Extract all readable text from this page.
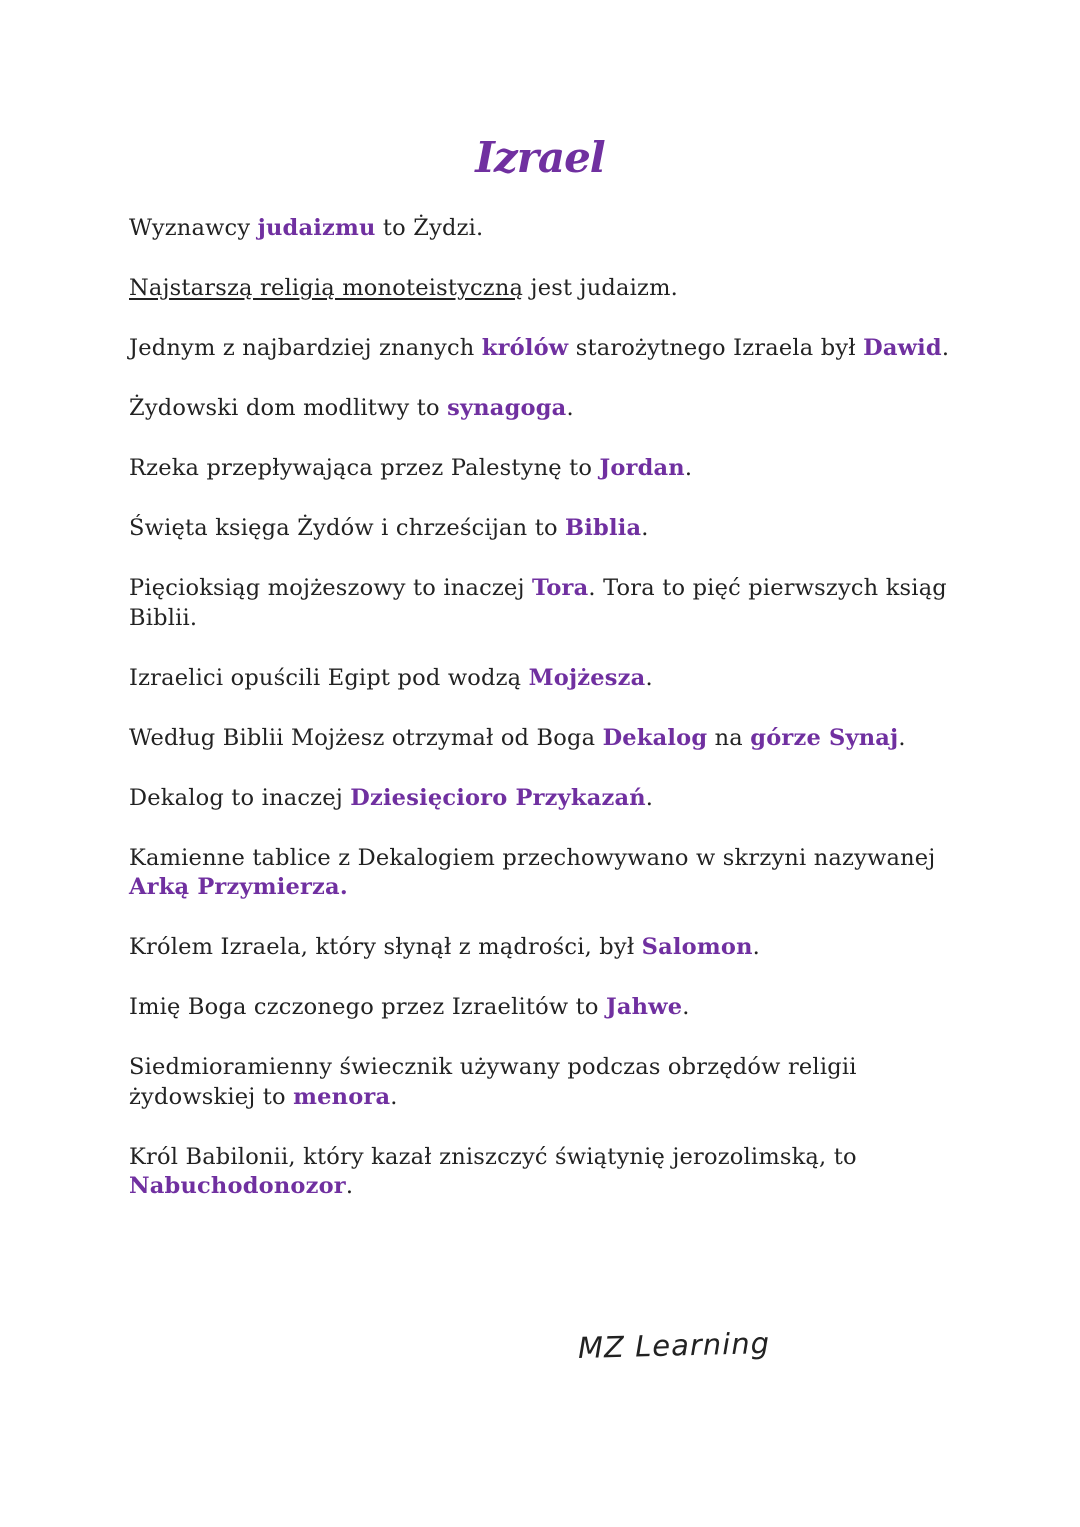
Izrael

Wyznawcy judaizmu to Żydzi.

Najstarszą religią monoteistyczną jest judaizm.

Jednym z najbardziej znanych królów starożytnego Izraela był Dawid.

Żydowski dom modlitwy to synagoga.

Rzeka przepływająca przez Palestynę to Jordan.

Święta księga Żydów i chrześcijan to Biblia.

Pięcioksiąg mojżeszowy to inaczej Tora. Tora to pięć pierwszych ksiąg Biblii.

Izraelici opuścili Egipt pod wodzą Mojżesza.

Według Biblii Mojżesz otrzymał od Boga Dekalog na górze Synaj.

Dekalog to inaczej Dziesięcioro Przykazań.

Kamienne tablice z Dekalogiem przechowywano w skrzyni nazywanej Arką Przymierza.

Królem Izraela, który słynął z mądrości, był Salomon.

Imię Boga czczonego przez Izraelitów to Jahwe.

Siedmioramienny świecznik używany podczas obrzędów religii żydowskiej to menora.

Król Babilonii, który kazał zniszczyć świątynię jerozolimską, to Nabuchodonozor.

MZ Learning
